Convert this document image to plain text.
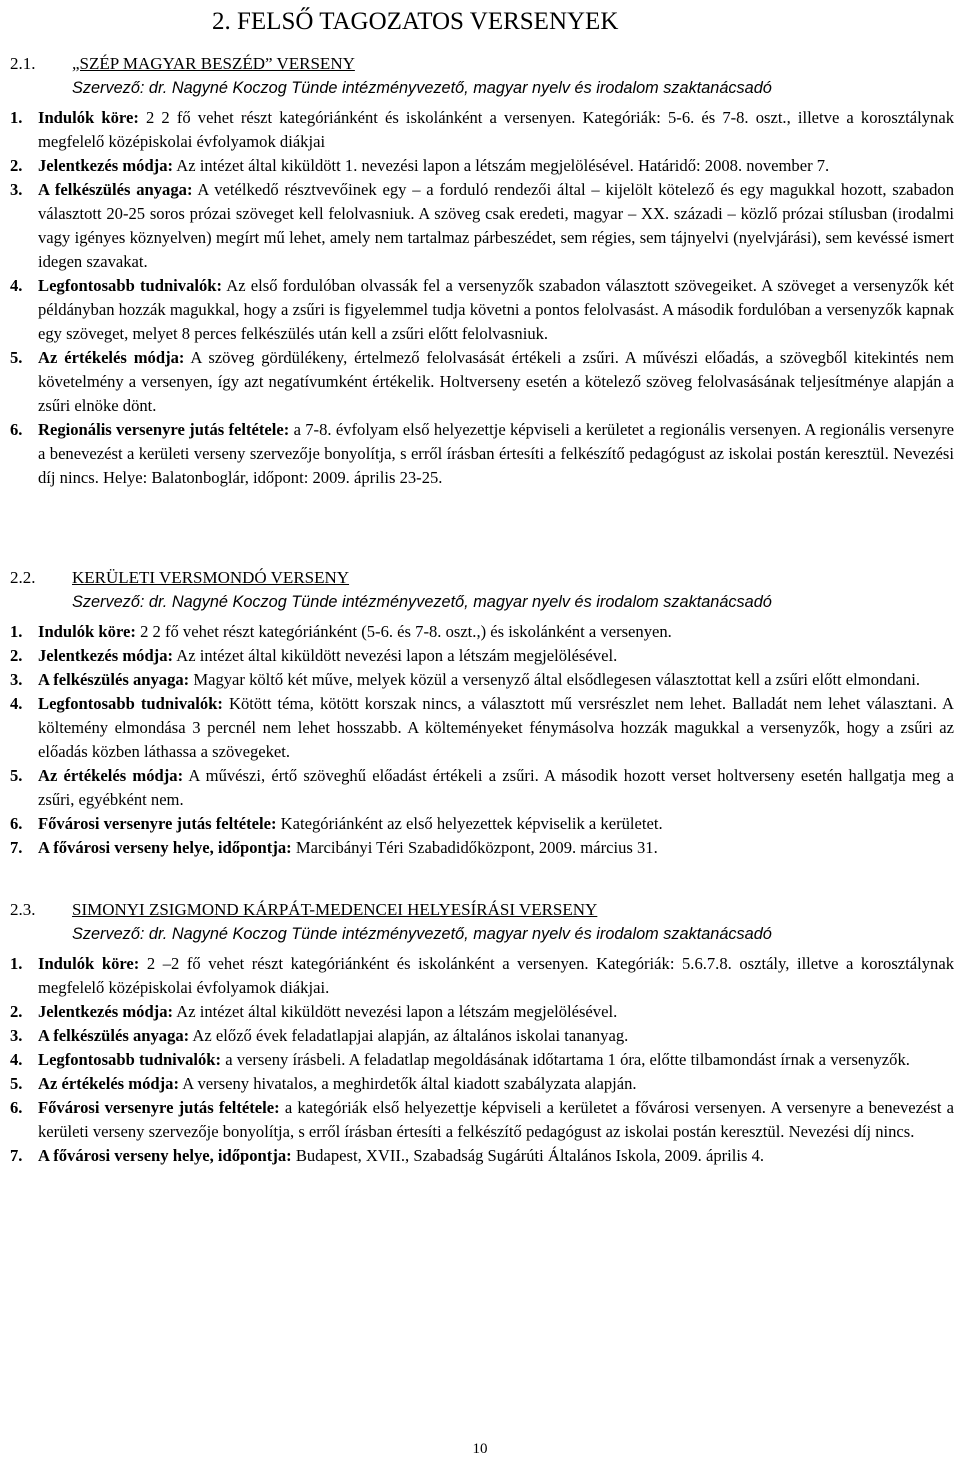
2. FELSŐ TAGOZATOS VERSENYEK
2.1.	„SZÉP MAGYAR BESZÉD” VERSENY
Szervező: dr. Nagyné Koczog Tünde intézményvezető, magyar nyelv és irodalom szaktanácsadó
1. Indulók köre: 2 2 fő vehet részt kategóriánként és iskolánként a versenyen. Kategóriák: 5-6. és 7-8. oszt., illetve a korosztálynak megfelelő középiskolai évfolyamok diákjai
2. Jelentkezés módja: Az intézet által kiküldött 1. nevezési lapon a létszám megjelölésével. Határidő: 2008. november 7.
3. A felkészülés anyaga: A vetélkedő résztvevőinek egy – a forduló rendezői által – kijelölt kötelező és egy magukkal hozott, szabadon választott 20-25 soros prózai szöveget kell felolvasniuk. A szöveg csak eredeti, magyar – XX. századi – közlő prózai stílusban (irodalmi vagy igényes köznyelven) megírt mű lehet, amely nem tartalmaz párbeszédet, sem régies, sem tájnyelvi (nyelvjárási), sem kevéssé ismert idegen szavakat.
4. Legfontosabb tudnivalók: Az első fordulóban olvassák fel a versenyzők szabadon választott szövegeiket. A szöveget a versenyzők két példányban hozzák magukkal, hogy a zsűri is figyelemmel tudja követni a pontos felolvasást. A második fordulóban a versenyzők kapnak egy szöveget, melyet 8 perces felkészülés után kell a zsűri előtt felolvasniuk.
5. Az értékelés módja: A szöveg gördülékeny, értelmező felolvasását értékeli a zsűri. A művészi előadás, a szövegből kitekintés nem követelmény a versenyen, így azt negatívumként értékelik. Holtverseny esetén a kötelező szöveg felolvasásának teljesítménye alapján a zsűri elnöke dönt.
6. Regionális versenyre jutás feltétele: a 7-8. évfolyam első helyezettje képviseli a kerületet a regionális versenyen. A regionális versenyre a benevezést a kerületi verseny szervezője bonyolítja, s erről írásban értesíti a felkészítő pedagógust az iskolai postán keresztül. Nevezési díj nincs. Helye: Balatonboglár, időpont: 2009. április 23-25.
2.2.	KERÜLETI VERSMONDÓ VERSENY
Szervező: dr. Nagyné Koczog Tünde intézményvezető, magyar nyelv és irodalom szaktanácsadó
1. Indulók köre: 2 2 fő vehet részt kategóriánként (5-6. és 7-8. oszt.,) és iskolánként a versenyen.
2. Jelentkezés módja: Az intézet által kiküldött nevezési lapon a létszám megjelölésével.
3. A felkészülés anyaga: Magyar költő két műve, melyek közül a versenyző által elsődlegesen választottat kell a zsűri előtt elmondani.
4. Legfontosabb tudnivalók: Kötött téma, kötött korszak nincs, a választott mű versrészlet nem lehet. Balladát nem lehet választani. A költemény elmondása 3 percnél nem lehet hosszabb. A költeményeket fénymásolva hozzák magukkal a versenyzők, hogy a zsűri az előadás közben láthassa a szövegeket.
5. Az értékelés módja: A művészi, értő szöveghű előadást értékeli a zsűri. A második hozott verset holtverseny esetén hallgatja meg a zsűri, egyébként nem.
6. Fővárosi versenyre jutás feltétele: Kategóriánként az első helyezettek képviselik a kerületet.
7. A fővárosi verseny helye, időpontja: Marcibányi Téri Szabadidőközpont, 2009. március 31.
2.3.	SIMONYI ZSIGMOND KÁRPÁT-MEDENCEI HELYESÍRÁSI VERSENY
Szervező: dr. Nagyné Koczog Tünde intézményvezető, magyar nyelv és irodalom szaktanácsadó
1. Indulók köre: 2 –2 fő vehet részt kategóriánként és iskolánként a versenyen. Kategóriák: 5.6.7.8. osztály, illetve a korosztálynak megfelelő középiskolai évfolyamok diákjai.
2. Jelentkezés módja: Az intézet által kiküldött nevezési lapon a létszám megjelölésével.
3. A felkészülés anyaga: Az előző évek feladatlapjai alapján, az általános iskolai tananyag.
4. Legfontosabb tudnivalók: a verseny írásbeli. A feladatlap megoldásának időtartama 1 óra, előtte tilbamondást írnak a versenyzők.
5. Az értékelés módja: A verseny hivatalos, a meghirdetők által kiadott szabályzata alapján.
6. Fővárosi versenyre jutás feltétele: a kategóriák első helyezettje képviseli a kerületet a fővárosi versenyen. A versenyre a benevezést a kerületi verseny szervezője bonyolítja, s erről írásban értesíti a felkészítő pedagógust az iskolai postán keresztül. Nevezési díj nincs.
7. A fővárosi verseny helye, időpontja: Budapest, XVII., Szabadság Sugárúti Általános Iskola, 2009. április 4.
10
